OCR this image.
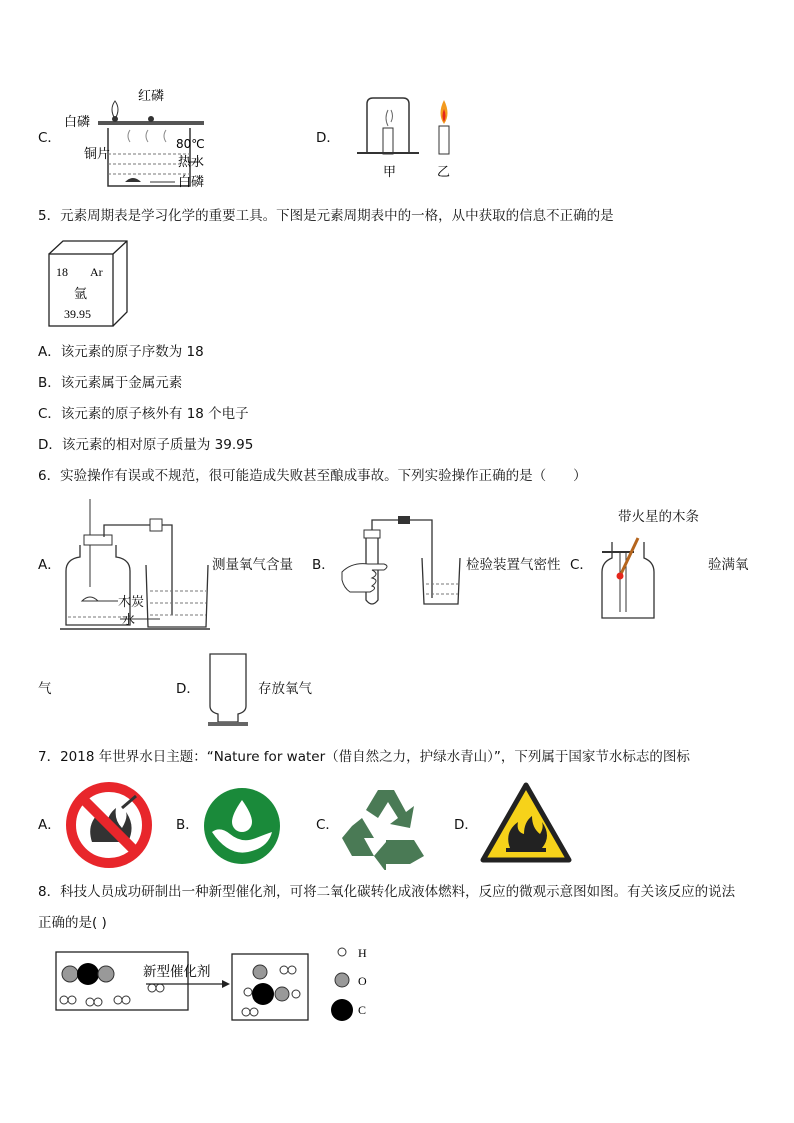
C．
红磷
白磷
铜片
80℃
热水
白磷
D．
甲	乙
5．元素周期表是学习化学的重要工具。下图是元素周期表中的一格，从中获取的信息不正确的是
18 Ar
氩
39.95
A．该元素的原子序数为 18
B．该元素属于金属元素
C．该元素的原子核外有 18 个电子
D．该元素的相对原子质量为 39.95
6．实验操作有误或不规范，很可能造成失败甚至酿成事故。下列实验操作正确的是（　　）
A．
木炭
水
测量氧气含量 B．	检验装置气密性 C．
带火星的木条
验满氧
气	D．	存放氧气
7．2018 年世界水日主题：“Nature for water（借自然之力，护绿水青山）”，下列属于国家节水标志的图标
A．	B．	C．	D．
8．科技人员成功研制出一种新型催化剂，可将二氧化碳转化成液体燃料，反应的微观示意图如图。有关该反应的说法
正确的是( )
新型催化剂
H
O
C
